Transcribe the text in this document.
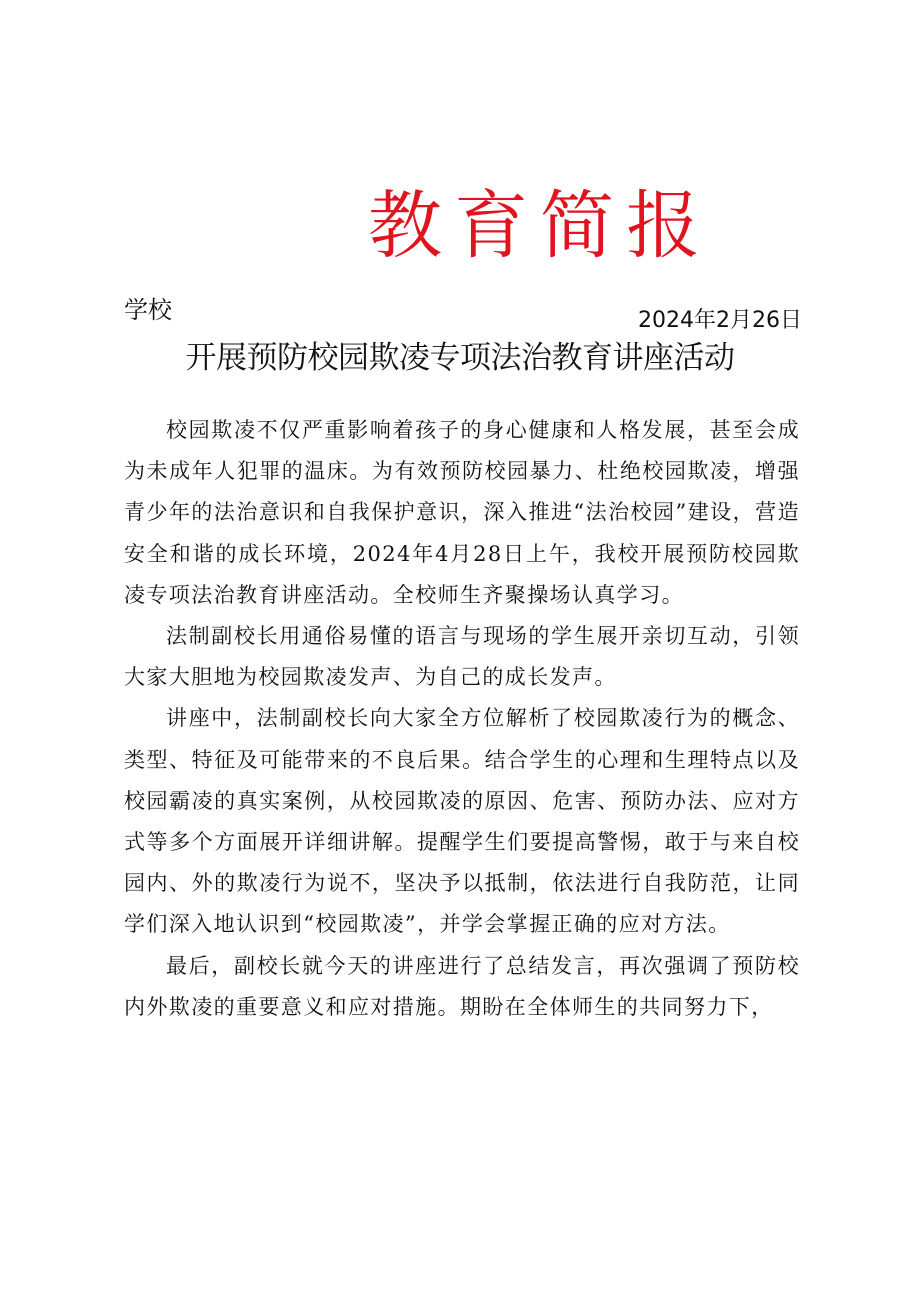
教育简报
学校	2024年2月26日
开展预防校园欺凌专项法治教育讲座活动

校园欺凌不仅严重影响着孩子的身心健康和人格发展，甚至会成为未成年人犯罪的温床。为有效预防校园暴力、杜绝校园欺凌，增强青少年的法治意识和自我保护意识，深入推进“法治校园”建设，营造安全和谐的成长环境，2024年4月28日上午，我校开展预防校园欺凌专项法治教育讲座活动。全校师生齐聚操场认真学习。

法制副校长用通俗易懂的语言与现场的学生展开亲切互动，引领大家大胆地为校园欺凌发声、为自己的成长发声。

讲座中，法制副校长向大家全方位解析了校园欺凌行为的概念、类型、特征及可能带来的不良后果。结合学生的心理和生理特点以及校园霸凌的真实案例，从校园欺凌的原因、危害、预防办法、应对方式等多个方面展开详细讲解。提醒学生们要提高警惕，敢于与来自校园内、外的欺凌行为说不，坚决予以抵制，依法进行自我防范，让同学们深入地认识到“校园欺凌”，并学会掌握正确的应对方法。

最后，副校长就今天的讲座进行了总结发言，再次强调了预防校内外欺凌的重要意义和应对措施。期盼在全体师生的共同努力下，
